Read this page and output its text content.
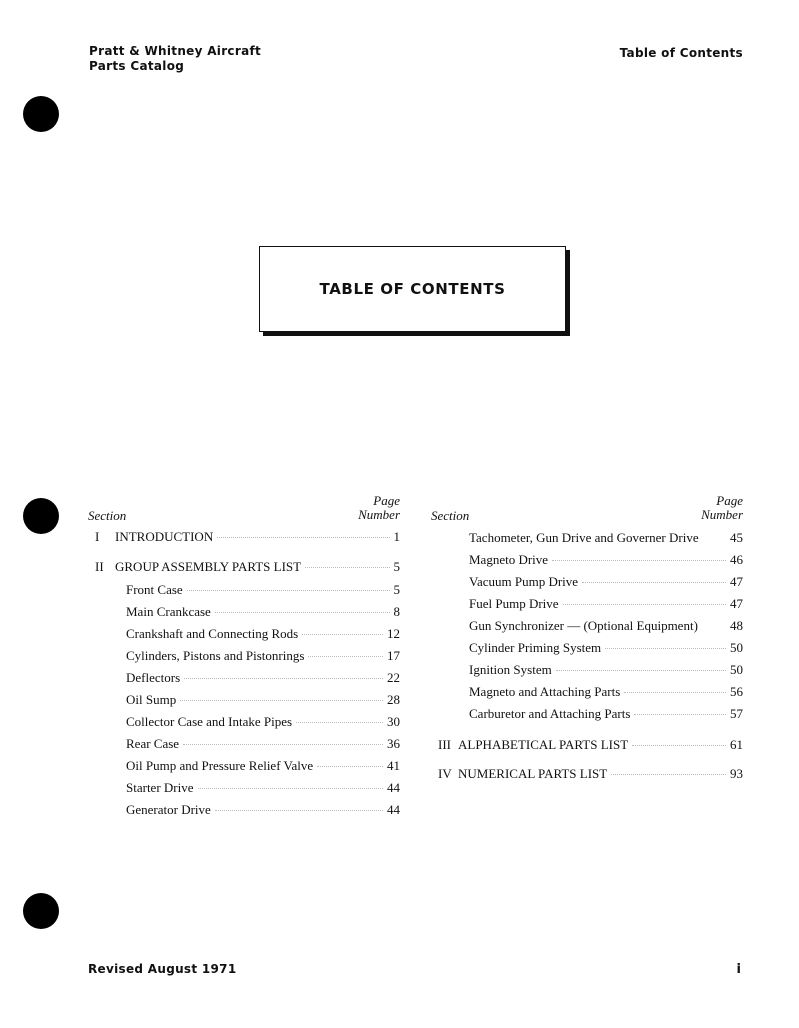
Pratt & Whitney Aircraft
Parts Catalog
Table of Contents
TABLE OF CONTENTS
Section
Page
Number
I	INTRODUCTION	1
II GROUP ASSEMBLY PARTS LIST	5
Front Case	5
Main Crankcase	8
Crankshaft and Connecting Rods	12
Cylinders, Pistons and Pistonrings	17
Deflectors	22
Oil Sump	28
Collector Case and Intake Pipes	30
Rear Case	36
Oil Pump and Pressure Relief Valve	41
Starter Drive	44
Generator Drive	44
Section
Page
Number
Tachometer, Gun Drive and Governer Drive 45
Magneto Drive	46
Vacuum Pump Drive	47
Fuel Pump Drive	47
Gun Synchronizer — (Optional Equipment) 48
Cylinder Priming System	50
Ignition System	50
Magneto and Attaching Parts	56
Carburetor and Attaching Parts	57
III ALPHABETICAL PARTS LIST	61
IV NUMERICAL PARTS LIST	93
Revised August 1971	i
